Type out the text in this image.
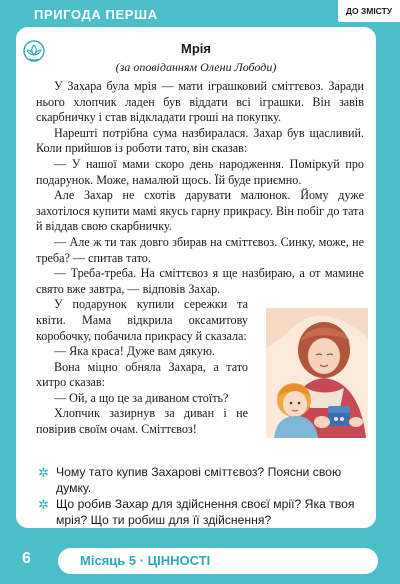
ПРИГОДА ПЕРША	ДО ЗМІСТУ
Мрія
(за оповіданням Олени Лободи)

У Захара була мрія — мати іграшковий сміттєвоз. Заради нього хлопчик ладен був віддати всі іграшки. Він завів скарбничку і став відкладати гроші на покупку.

Нарешті потрібна сума назбиралася. Захар був щасливий. Коли прийшов із роботи тато, він сказав:

— У нашої мами скоро день народження. Поміркуй про подарунок. Може, намалюй щось. Їй буде приємно.

Але Захар не схотів дарувати малюнок. Йому дуже захотілося купити мамі якусь гарну прикрасу. Він побіг до тата й віддав свою скарбничку.

— Але ж ти так довго збирав на сміттєвоз. Синку, може, не треба? — спитав тато.

— Треба-треба. На сміттєвоз я ще назбираю, а от мамине свято вже завтра, — відповів Захар.

У подарунок купили сережки та квіти. Мама відкрила оксамитову коробочку, побачила прикрасу й сказала:

— Яка краса! Дуже вам дякую.

Вона міцно обняла Захара, а тато хитро сказав:

— Ой, а що це за диваном стоїть?

Хлопчик зазирнув за диван і не повірив своїм очам. Сміттєвоз!

✲ Чому тато купив Захарові сміттєвоз? Поясни свою думку.
✲ Що робив Захар для здійснення своєї мрії? Яка твоя мрія? Що ти робиш для її здійснення?
6	Місяць 5 · ЦІННОСТІ
